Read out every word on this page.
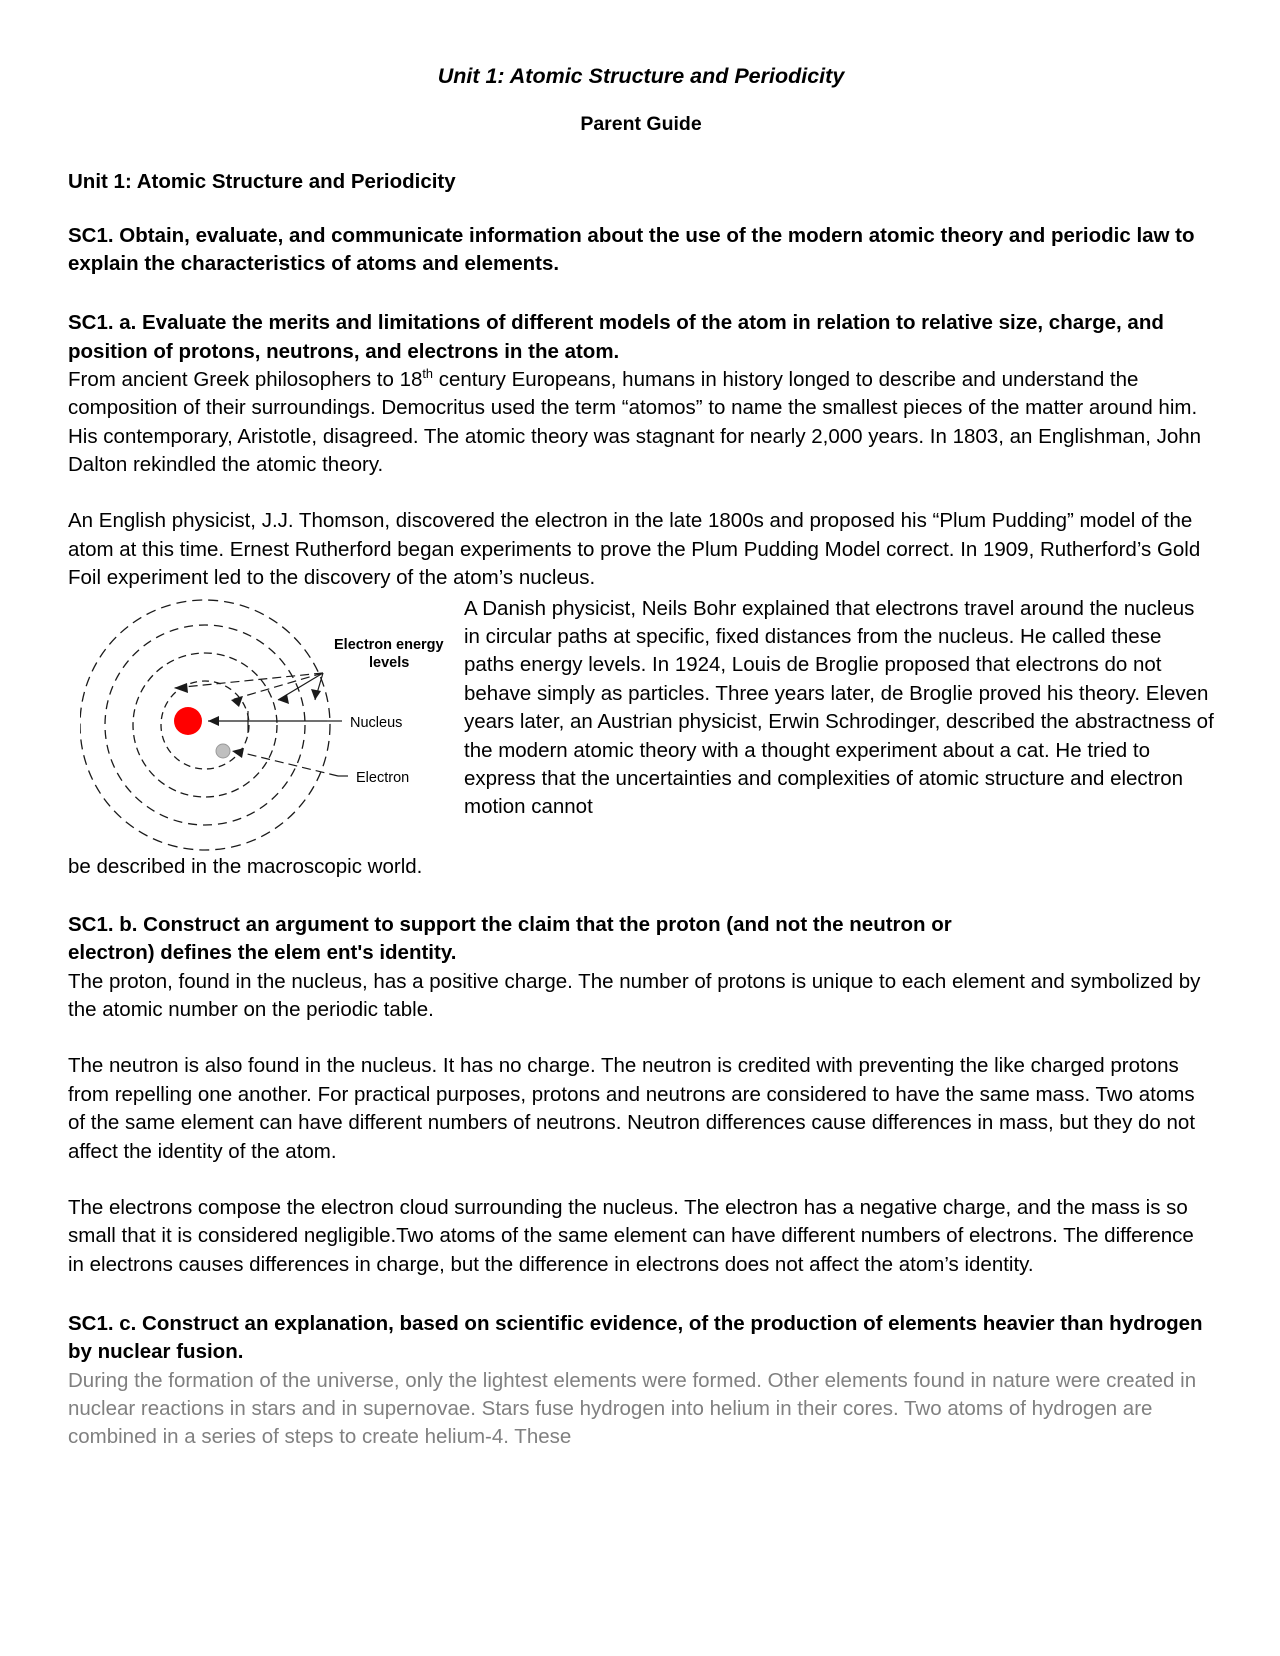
Unit 1: Atomic Structure and Periodicity
Parent Guide
Unit 1: Atomic Structure and Periodicity

SC1. Obtain, evaluate, and communicate information about the use of the modern atomic theory and periodic law to explain the characteristics of atoms and elements.

SC1. a. Evaluate the merits and limitations of different models of the atom in relation to relative size, charge, and position of protons, neutrons, and electrons in the atom.

From ancient Greek philosophers to 18th century Europeans, humans in history longed to describe and understand the composition of their surroundings. Democritus used the term “atomos” to name the smallest pieces of the matter around him. His contemporary, Aristotle, disagreed. The atomic theory was stagnant for nearly 2,000 years. In 1803, an Englishman, John Dalton rekindled the atomic theory.

An English physicist, J.J. Thomson, discovered the electron in the late 1800s and proposed his “Plum Pudding” model of the atom at this time. Ernest Rutherford began experiments to prove the Plum Pudding Model correct. In 1909, Rutherford’s Gold Foil experiment led to the discovery of the atom’s nucleus.

Electron energy
levels
Nucleus
Electron

A Danish physicist, Neils Bohr explained that electrons travel around the nucleus in circular paths at specific, fixed distances from the nucleus. He called these paths energy levels. In 1924, Louis de Broglie proposed that electrons do not behave simply as particles. Three years later, de Broglie proved his theory. Eleven years later, an Austrian physicist, Erwin Schrodinger, described the abstractness of the modern atomic theory with a thought experiment about a cat. He tried to express that the uncertainties and complexities of atomic structure and electron motion cannot

be described in the macroscopic world.

SC1. b. Construct an argument to support the claim that the proton (and not the neutron or
electron) defines the elem ent's identity.

The proton, found in the nucleus, has a positive charge. The number of protons is unique to each element and symbolized by the atomic number on the periodic table.

The neutron is also found in the nucleus. It has no charge. The neutron is credited with preventing the like charged protons from repelling one another. For practical purposes, protons and neutrons are considered to have the same mass. Two atoms of the same element can have different numbers of neutrons. Neutron differences cause differences in mass, but they do not affect the identity of the atom.

The electrons compose the electron cloud surrounding the nucleus. The electron has a negative charge, and the mass is so small that it is considered negligible.Two atoms of the same element can have different numbers of electrons. The difference in electrons causes differences in charge, but the difference in electrons does not affect the atom’s identity.

SC1. c. Construct an explanation, based on scientific evidence, of the production of elements heavier than hydrogen by nuclear fusion.

During the formation of the universe, only the lightest elements were formed. Other elements found in nature were created in nuclear reactions in stars and in supernovae. Stars fuse hydrogen into helium in their cores. Two atoms of hydrogen are combined in a series of steps to create helium-4. These
